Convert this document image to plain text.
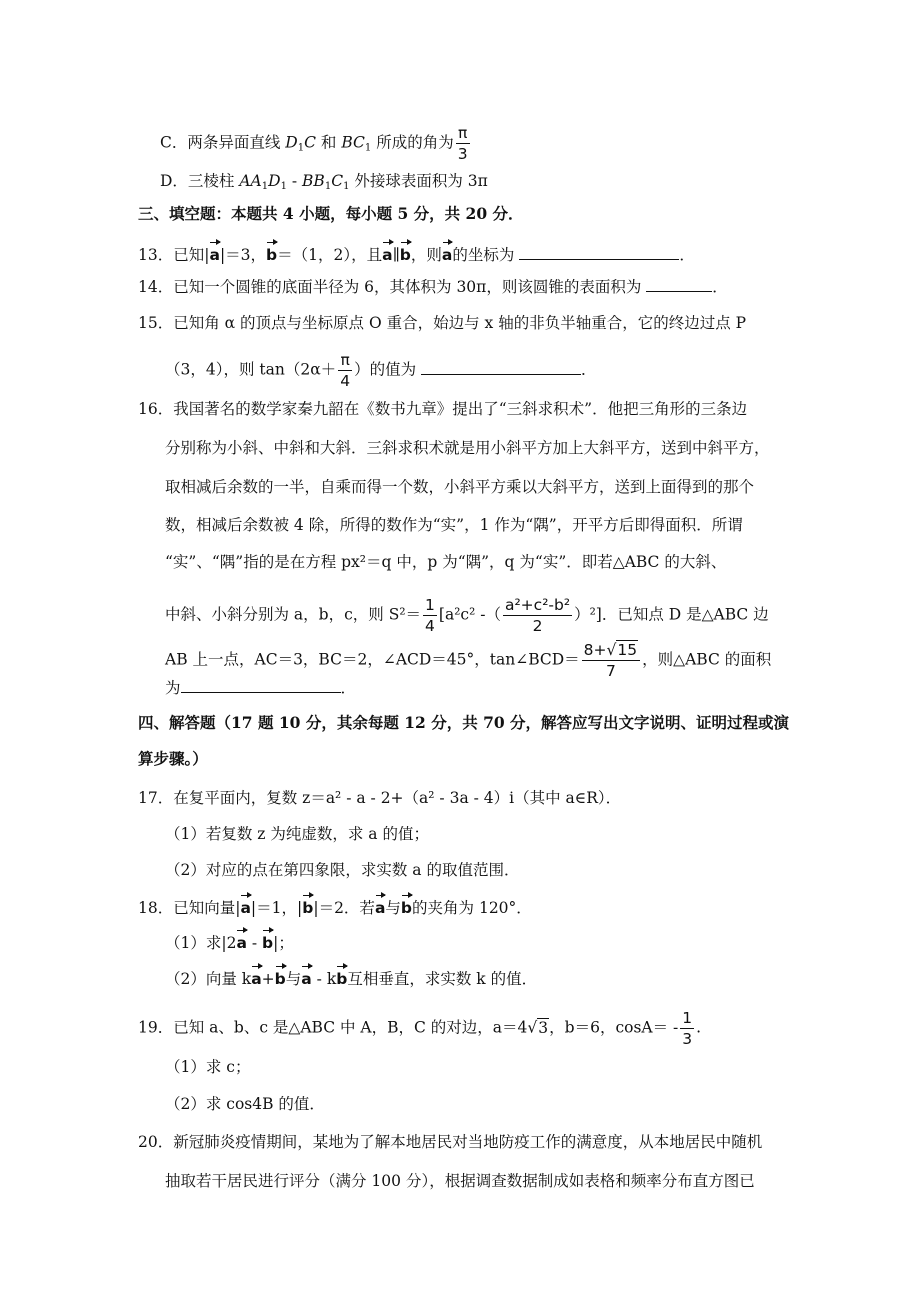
C．两条异面直线 $D_1C$ 和 $BC_1$ 所成的角为 $\frac{\pi}{3}$
D．三棱柱 $AA_1D_1 - BB_1C_1$ 外接球表面积为 3π
三、填空题：本题共 4 小题，每小题 5 分，共 20 分．
13．已知|a|＝3，b＝（1，2），且a∥b，则a的坐标为	．
14．已知一个圆锥的底面半径为 6，其体积为 30π，则该圆锥的表面积为	．
15．已知角 α 的顶点与坐标原点 O 重合，始边与 x 轴的非负半轴重合，它的终边过点 P
（3，4），则 $\tan(2\alpha+ \frac{\pi}{4}$ ）的值为	．
16．我国著名的数学家秦九韶在《数书九章》提出了“三斜求积术”．他把三角形的三条边
分别称为小斜、中斜和大斜．三斜求积术就是用小斜平方加上大斜平方，送到中斜平方，
取相减后余数的一半，自乘而得一个数，小斜平方乘以大斜平方，送到上面得到的那个
数，相减后余数被 4 除，所得的数作为“实”，1 作为“隅”，开平方后即得面积．所谓
“实”、“隅”指的是在方程 px²＝q 中，p 为“隅”，q 为“实”．即若△ABC 的大斜、
中斜、小斜分别为 a，b，c，则 $S^2= \frac{1}{4} [a^2c^2$ -（ $\frac{\text{a²+c²-b²}}{2} )^2$]．已知点 D 是△ABC 边
AB 上一点，AC＝3，BC＝2，∠ACD＝45°，tan∠BCD＝ $\frac{8+√15}{7}$ ，则△ABC 的面积
为	．
四、解答题（17 题 10 分，其余每题 12 分，共 70 分，解答应写出文字说明、证明过程或演
算步骤。）
17．在复平面内，复数 z＝a² - a - 2+（a² - 3a - 4）i（其中 a∈R）．
（1）若复数 z 为纯虚数，求 a 的值；
（2）对应的点在第四象限，求实数 a 的取值范围．
18．已知向量|a|＝1，|b|＝2．若a与b的夹角为 120°．
（1）求|2a - b|；
（2）向量 ka+b与a - kb互相垂直，求实数 k 的值．
19．已知 a、b、c 是△ABC 中 A，B，C 的对边，a＝4√3，b＝6，$\cos A= - \frac{1}{3}$ .
（1）求 c；
（2）求 cos4B 的值．
20．新冠肺炎疫情期间，某地为了解本地居民对当地防疫工作的满意度，从本地居民中随机
抽取若干居民进行评分（满分 100 分），根据调查数据制成如表格和频率分布直方图已
